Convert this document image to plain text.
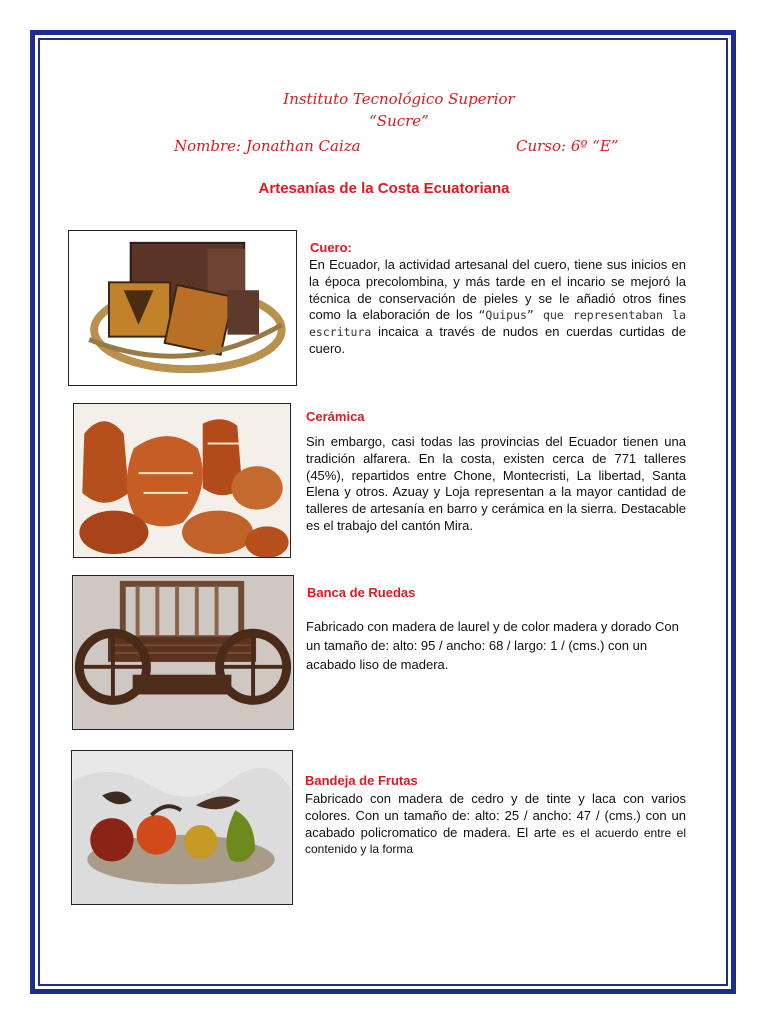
Instituto Tecnológico Superior
“Sucre”
Nombre: Jonathan Caiza	Curso: 6º “E”
Artesanías de la Costa Ecuatoriana
Cuero:
En Ecuador, la actividad artesanal del cuero, tiene sus inicios en la época precolombina, y más tarde en el incario se mejoró la técnica de conservación de pieles y se le añadió otros fines como la elaboración de los “Quipus” que representaban la escritura incaica a través de nudos en cuerdas curtidas de cuero.
Cerámica
Sin embargo, casi todas las provincias del Ecuador tienen una tradición alfarera. En la costa, existen cerca de 771 talleres (45%), repartidos entre Chone, Montecristi, La libertad, Santa Elena y otros. Azuay y Loja representan a la mayor cantidad de talleres de artesanía en barro y cerámica en la sierra. Destacable es el trabajo del cantón Mira.
Banca de Ruedas
Fabricado con madera de laurel y de color madera y dorado Con un tamaño de: alto: 95 / ancho: 68 / largo: 1 / (cms.) con un acabado liso de madera.
Bandeja de Frutas
Fabricado con madera de cedro y de tinte y laca con varios colores. Con un tamaño de: alto: 25 / ancho: 47 / (cms.) con un acabado policromatico de madera. El arte es el acuerdo entre el contenido y la forma
